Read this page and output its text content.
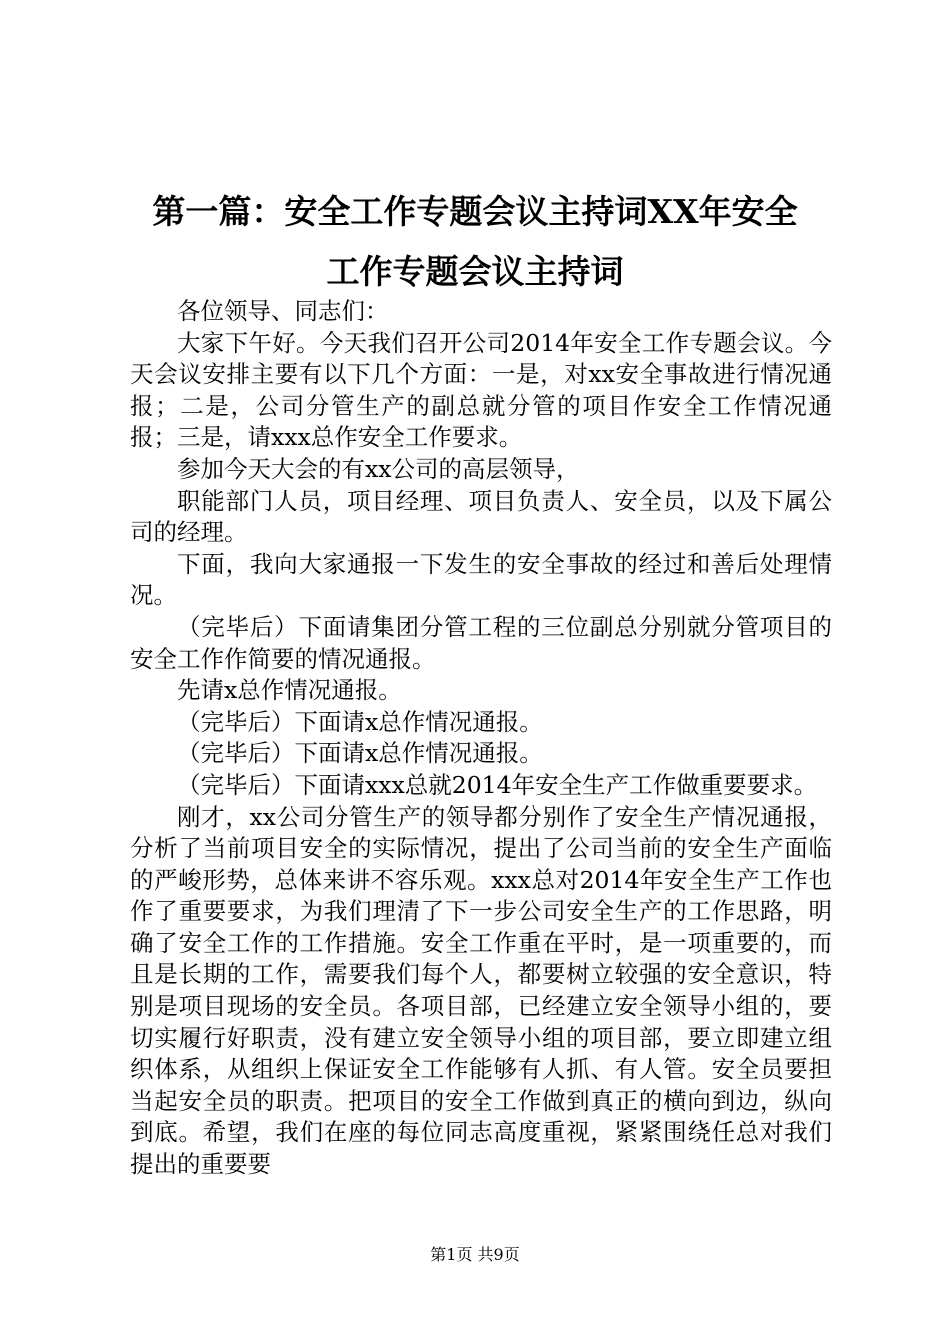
第一篇：安全工作专题会议主持词XX年安全
工作专题会议主持词

各位领导、同志们：

大家下午好。今天我们召开公司2014年安全工作专题会议。今天会议安排主要有以下几个方面：一是，对xx安全事故进行情况通报；二是，公司分管生产的副总就分管的项目作安全工作情况通报；三是，请xxx总作安全工作要求。

参加今天大会的有xx公司的高层领导，

职能部门人员，项目经理、项目负责人、安全员，以及下属公司的经理。

下面，我向大家通报一下发生的安全事故的经过和善后处理情况。

（完毕后）下面请集团分管工程的三位副总分别就分管项目的安全工作作简要的情况通报。

先请x总作情况通报。

（完毕后）下面请x总作情况通报。

（完毕后）下面请x总作情况通报。

（完毕后）下面请xxx总就2014年安全生产工作做重要要求。

刚才，xx公司分管生产的领导都分别作了安全生产情况通报，分析了当前项目安全的实际情况，提出了公司当前的安全生产面临的严峻形势，总体来讲不容乐观。xxx总对2014年安全生产工作也作了重要要求，为我们理清了下一步公司安全生产的工作思路，明确了安全工作的工作措施。安全工作重在平时，是一项重要的，而且是长期的工作，需要我们每个人，都要树立较强的安全意识，特别是项目现场的安全员。各项目部，已经建立安全领导小组的，要切实履行好职责，没有建立安全领导小组的项目部，要立即建立组织体系，从组织上保证安全工作能够有人抓、有人管。安全员要担当起安全员的职责。把项目的安全工作做到真正的横向到边，纵向到底。希望，我们在座的每位同志高度重视，紧紧围绕任总对我们提出的重要要

第1页 共9页
